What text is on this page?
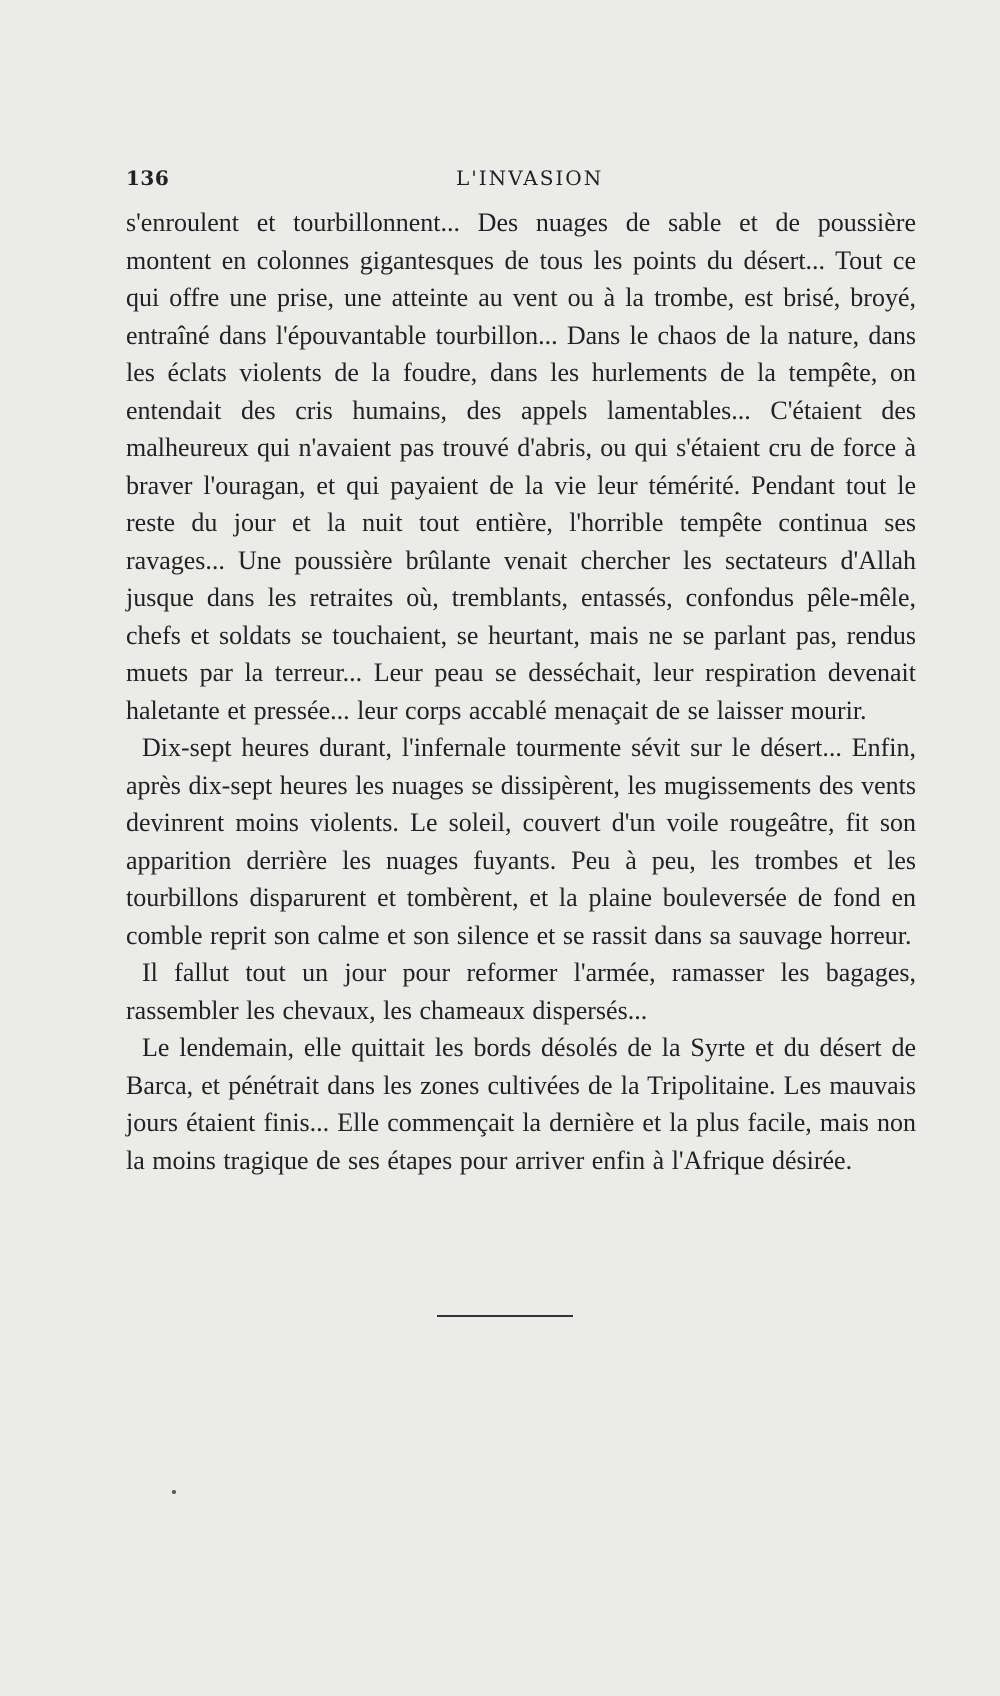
136	L'INVASION

s'enroulent et tourbillonnent... Des nuages de sable et de poussière montent en colonnes gigantesques de tous les points du désert... Tout ce qui offre une prise, une atteinte au vent ou à la trombe, est brisé, broyé, entraîné dans l'épouvantable tourbillon... Dans le chaos de la nature, dans les éclats violents de la foudre, dans les hurlements de la tempête, on entendait des cris humains, des appels lamentables... C'étaient des malheureux qui n'avaient pas trouvé d'abris, ou qui s'étaient cru de force à braver l'ouragan, et qui payaient de la vie leur témérité. Pendant tout le reste du jour et la nuit tout entière, l'horrible tempête continua ses ravages... Une poussière brûlante venait chercher les sectateurs d'Allah jusque dans les retraites où, tremblants, entassés, confondus pêle-mêle, chefs et soldats se touchaient, se heurtant, mais ne se parlant pas, rendus muets par la terreur... Leur peau se desséchait, leur respiration devenait haletante et pressée... leur corps accablé menaçait de se laisser mourir.

Dix-sept heures durant, l'infernale tourmente sévit sur le désert... Enfin, après dix-sept heures les nuages se dissipèrent, les mugissements des vents devinrent moins violents. Le soleil, couvert d'un voile rougeâtre, fit son apparition derrière les nuages fuyants. Peu à peu, les trombes et les tourbillons disparurent et tombèrent, et la plaine bouleversée de fond en comble reprit son calme et son silence et se rassit dans sa sauvage horreur.

Il fallut tout un jour pour reformer l'armée, ramasser les bagages, rassembler les chevaux, les chameaux dispersés...

Le lendemain, elle quittait les bords désolés de la Syrte et du désert de Barca, et pénétrait dans les zones cultivées de la Tripolitaine. Les mauvais jours étaient finis... Elle commençait la dernière et la plus facile, mais non la moins tragique de ses étapes pour arriver enfin à l'Afrique désirée.
